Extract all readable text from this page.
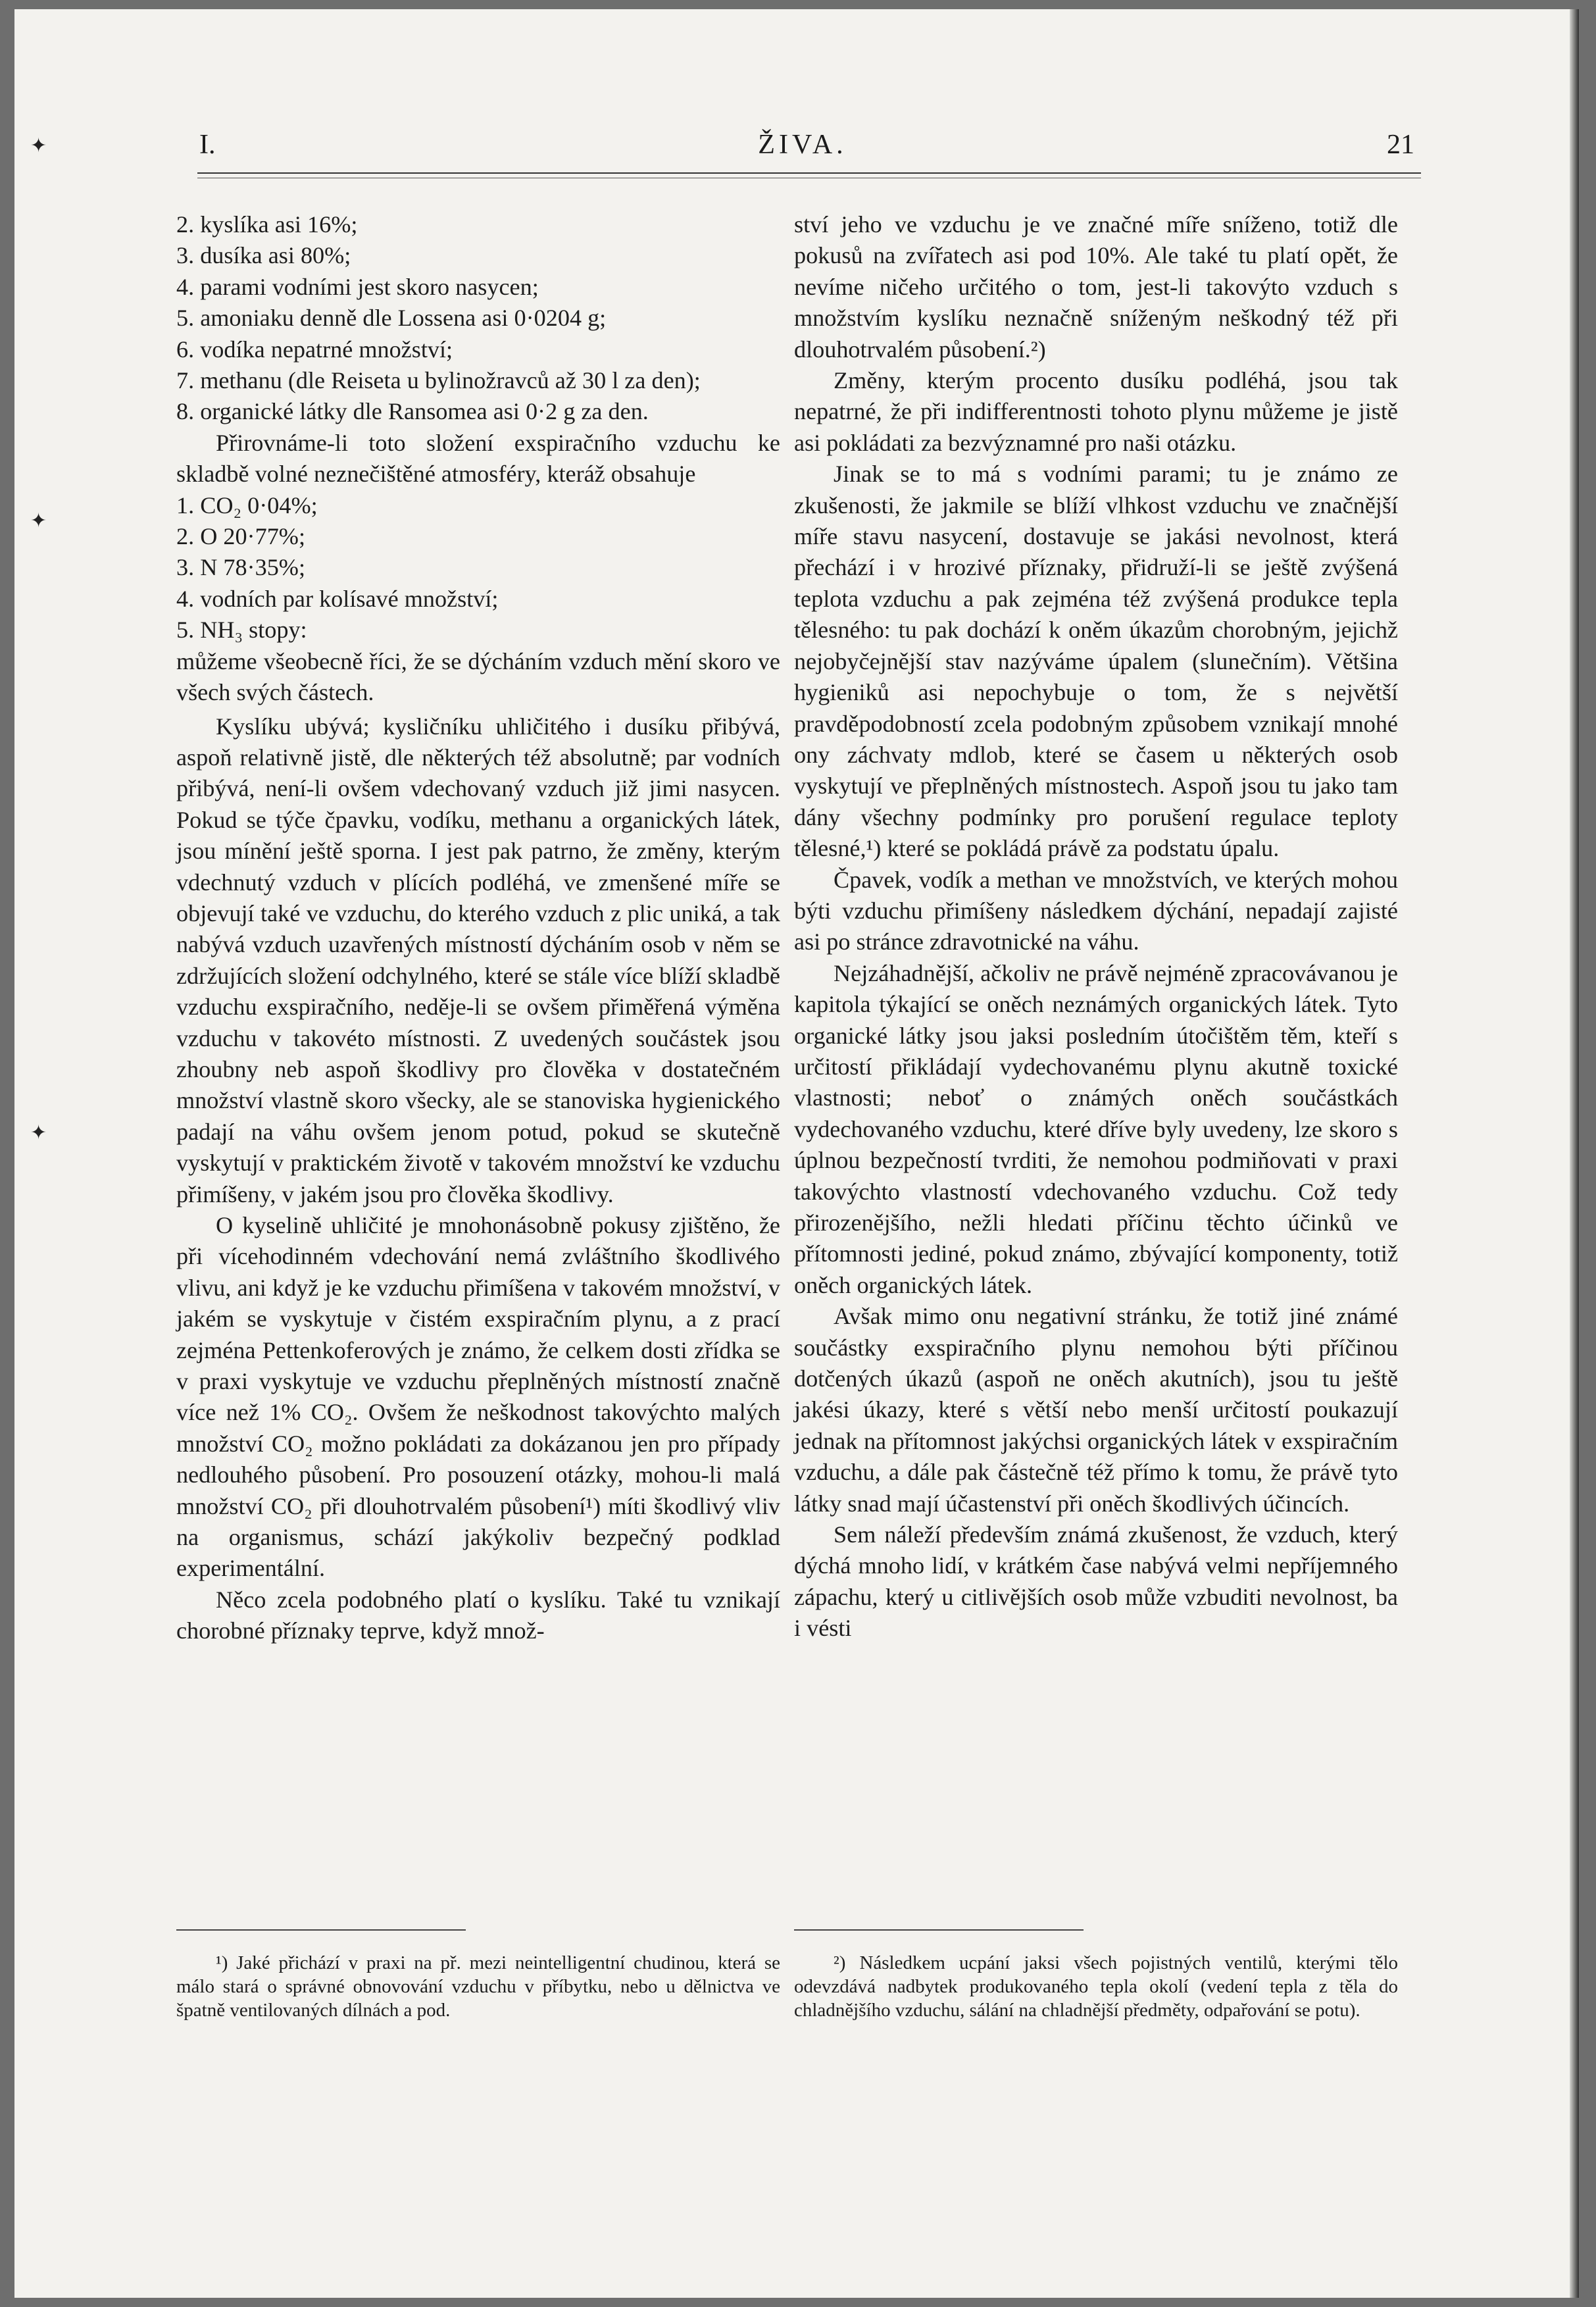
✦
✦
✦
I.	ŽIVA.	21

2. kyslíka asi 16%;

3. dusíka asi 80%;

4. parami vodními jest skoro nasycen;

5. amoniaku denně dle Lossena asi 0·0204 g;

6. vodíka nepatrné množství;

7. methanu (dle Reiseta u bylinožravců až 30 l za den);

8. organické látky dle Ransomea asi 0·2 g za den.

Přirovnáme-li toto složení exspiračního vzduchu ke skladbě volné neznečištěné atmosféry, kteráž obsahuje

1. CO₂ 0·04%;

2. O 20·77%;

3. N 78·35%;

4. vodních par kolísavé množství;

5. NH₃ stopy:

můžeme všeobecně říci, že se dýcháním vzduch mění skoro ve všech svých částech.

Kyslíku ubývá; kysličníku uhličitého i dusíku přibývá, aspoň relativně jistě, dle některých též absolutně; par vodních přibývá, není-li ovšem vdechovaný vzduch již jimi nasycen. Pokud se týče čpavku, vodíku, methanu a organických látek, jsou mínění ještě sporna. I jest pak patrno, že změny, kterým vdechnutý vzduch v plících podléhá, ve zmenšené míře se objevují také ve vzduchu, do kterého vzduch z plic uniká, a tak nabývá vzduch uzavřených místností dýcháním osob v něm se zdržujících složení odchylného, které se stále více blíží skladbě vzduchu exspiračního, neděje-li se ovšem přiměřená výměna vzduchu v takovéto místnosti. Z uvedených součástek jsou zhoubny neb aspoň škodlivy pro člověka v dostatečném množství vlastně skoro všecky, ale se stanoviska hygienického padají na váhu ovšem jenom potud, pokud se skutečně vyskytují v praktickém životě v takovém množství ke vzduchu přimíšeny, v jakém jsou pro člověka škodlivy.

O kyselině uhličité je mnohonásobně pokusy zjištěno, že při vícehodinném vdechování nemá zvláštního škodlivého vlivu, ani když je ke vzduchu přimíšena v takovém množství, v jakém se vyskytuje v čistém exspiračním plynu, a z prací zejména Pettenkoferových je známo, že celkem dosti zřídka se v praxi vyskytuje ve vzduchu přeplněných místností značně více než 1% CO₂. Ovšem že neškodnost takovýchto malých množství CO₂ možno pokládati za dokázanou jen pro případy nedlouhého působení. Pro posouzení otázky, mohou-li malá množství CO₂ při dlouhotrvalém působení¹) míti škodlivý vliv na organismus, schází jakýkoliv bezpečný podklad experimentální.

Něco zcela podobného platí o kyslíku. Také tu vznikají chorobné příznaky teprve, když množ-

ství jeho ve vzduchu je ve značné míře sníženo, totiž dle pokusů na zvířatech asi pod 10%. Ale také tu platí opět, že nevíme ničeho určitého o tom, jest-li takovýto vzduch s množstvím kyslíku neznačně sníženým neškodný též při dlouhotrvalém působení.²)

Změny, kterým procento dusíku podléhá, jsou tak nepatrné, že při indifferentnosti tohoto plynu můžeme je jistě asi pokládati za bezvýznamné pro naši otázku.

Jinak se to má s vodními parami; tu je známo ze zkušenosti, že jakmile se blíží vlhkost vzduchu ve značnější míře stavu nasycení, dostavuje se jakási nevolnost, která přechází i v hrozivé příznaky, přidruží-li se ještě zvýšená teplota vzduchu a pak zejména též zvýšená produkce tepla tělesného: tu pak dochází k oněm úkazům chorobným, jejichž nejobyčejnější stav nazýváme úpalem (slunečním). Většina hygieniků asi nepochybuje o tom, že s největší pravděpodobností zcela podobným způsobem vznikají mnohé ony záchvaty mdlob, které se časem u některých osob vyskytují ve přeplněných místnostech. Aspoň jsou tu jako tam dány všechny podmínky pro porušení regulace teploty tělesné,¹) které se pokládá právě za podstatu úpalu.

Čpavek, vodík a methan ve množstvích, ve kterých mohou býti vzduchu přimíšeny následkem dýchání, nepadají zajisté asi po stránce zdravotnické na váhu.

Nejzáhadnější, ačkoliv ne právě nejméně zpracovávanou je kapitola týkající se oněch neznámých organických látek. Tyto organické látky jsou jaksi posledním útočištěm těm, kteří s určitostí přikládají vydechovanému plynu akutně toxické vlastnosti; neboť o známých oněch součástkách vydechovaného vzduchu, které dříve byly uvedeny, lze skoro s úplnou bezpečností tvrditi, že nemohou podmiňovati v praxi takovýchto vlastností vdechovaného vzduchu. Což tedy přirozenějšího, nežli hledati příčinu těchto účinků ve přítomnosti jediné, pokud známo, zbývající komponenty, totiž oněch organických látek.

Avšak mimo onu negativní stránku, že totiž jiné známé součástky exspiračního plynu nemohou býti příčinou dotčených úkazů (aspoň ne oněch akutních), jsou tu ještě jakési úkazy, které s větší nebo menší určitostí poukazují jednak na přítomnost jakýchsi organických látek v exspiračním vzduchu, a dále pak částečně též přímo k tomu, že právě tyto látky snad mají účastenství při oněch škodlivých účincích.

Sem náleží především známá zkušenost, že vzduch, který dýchá mnoho lidí, v krátkém čase nabývá velmi nepříjemného zápachu, který u citlivějších osob může vzbuditi nevolnost, ba i vésti

¹) Jaké přichází v praxi na př. mezi neintelligentní chudinou, která se málo stará o správné obnovování vzduchu v příbytku, nebo u dělnictva ve špatně ventilovaných dílnách a pod.
²) Následkem ucpání jaksi všech pojistných ventilů, kterými tělo odevzdává nadbytek produkovaného tepla okolí (vedení tepla z těla do chladnějšího vzduchu, sálání na chladnější předměty, odpařování se potu).
